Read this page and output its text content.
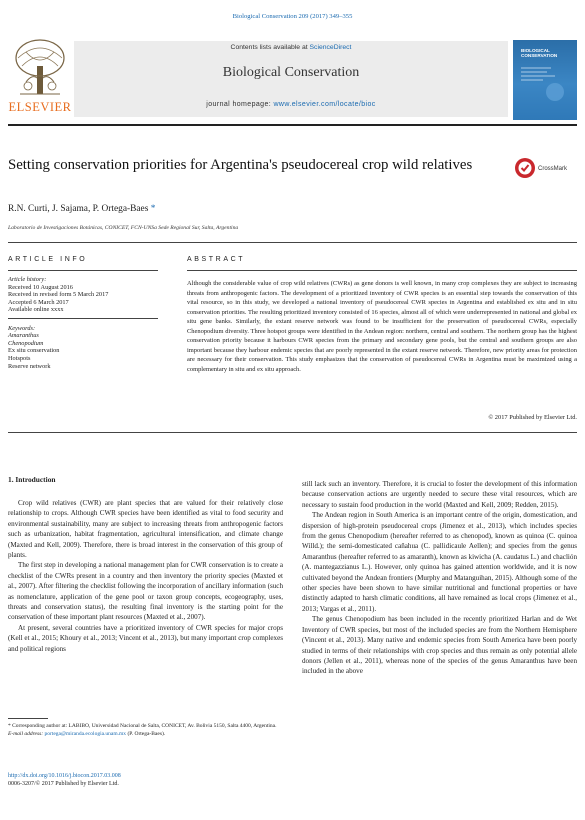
Biological Conservation 209 (2017) 349–355
ELSEVIER
Contents lists available at ScienceDirect
Biological Conservation
journal homepage: www.elsevier.com/locate/bioc
BIOLOGICAL CONSERVATION
Setting conservation priorities for Argentina's pseudocereal crop wild relatives	CrossMark
R.N. Curti, J. Sajama, P. Ortega-Baes *
Laboratorio de Investigaciones Botánicas, CONICET, FCN-UNSa Sede Regional Sur, Salta, Argentina
ARTICLE INFO	ABSTRACT
Article history:
Received 10 August 2016
Received in revised form 5 March 2017
Accepted 6 March 2017
Available online xxxx
Keywords:
Amaranthus
Chenopodium
Ex situ conservation
Hotspots
Reserve network
Although the considerable value of crop wild relatives (CWRs) as gene donors is well known, in many crop complexes they are subject to increasing threats from anthropogenic factors. The development of a prioritized inventory of CWR species is an essential step towards the conservation of this vital resource, so in this study, we developed a national inventory of pseudocereal CWR species in Argentina and established ex situ and in situ conservation priorities. The resulting prioritized inventory consisted of 16 species, almost all of which were underrepresented in national and global ex situ gene banks. Similarly, the extant reserve network was found to be insufficient for the preservation of pseudocereal CWRs, especially Chenopodium diversity. Three hotspot groups were identified in the Andean region: northern, central and southern. The northern group has the highest conservation priority because it harbours CWR species from the primary and secondary gene pools, but the central and southern groups are also important because they harbour endemic species that are poorly represented in the extant reserve network. Therefore, new priority areas for protection are necessary for their conservation. This study emphasizes that the conservation of pseudocereal CWRs in Argentina must be maximized using a complementary in situ and ex situ approach.
© 2017 Published by Elsevier Ltd.
1. Introduction

Crop wild relatives (CWR) are plant species that are valued for their relatively close relationship to crops. Although CWR species have been identified as vital to food security and environmental sustainability, many are subject to increasing threats from anthropogenic factors such as urbanization, habitat fragmentation, agricultural intensification, and climate change (Maxted and Kell, 2009). Therefore, there is broad interest in the conservation of this group of plants.

The first step in developing a national management plan for CWR conservation is to create a checklist of the CWRs present in a country and then inventory the priority species (Maxted et al., 2007). After filtering the checklist following the incorporation of ancillary information (such as nomenclature, application of the gene pool or taxon group concepts, ecogeography, uses, threats and conservation status), the resulting final inventory is the starting point for the conservation of these important plant resources (Maxted et al., 2007).

At present, several countries have a prioritized inventory of CWR species for major crops (Kell et al., 2015; Khoury et al., 2013; Vincent et al., 2013), but many important crop complexes and political regions

still lack such an inventory. Therefore, it is crucial to foster the development of this information because conservation actions are urgently needed to secure these vital resources, which are necessary to sustain food production in the world (Maxted and Kell, 2009; Redden, 2015).

The Andean region in South America is an important centre of the origin, domestication, and dispersion of high-protein pseudocereal crops (Jimenez et al., 2013), which includes species from the genus Chenopodium (hereafter referred to as chenopod), known as quinoa (C. quinoa Willd.); the semi-domesticated cañahua (C. pallidicaule Aellen); and species from the genus Amaranthus (hereafter referred to as amaranth), known as kiwicha (A. caudatus L.) and chaclión (A. mantegazzianus L.). However, only quinoa has gained attention worldwide, and it is now cultivated beyond the Andean frontiers (Murphy and Matanguihan, 2015). Although some of the other species have been shown to have similar nutritional and functional properties or have distinctly adapted to harsh climatic conditions, all have remained as local crops (Jimenez et al., 2013; Vargas et al., 2011).

The genus Chenopodium has been included in the recently prioritized Harlan and de Wet Inventory of CWR species, but most of the included species are from the Northern Hemisphere (Vincent et al., 2013). Many native and endemic species from South America have been poorly studied in terms of their relationships with crop species and thus remain as only potential allele donors (Jellen et al., 2011), whereas none of the species of the genus Amaranthus have been included in the above

* Corresponding author at: LABIBO, Universidad Nacional de Salta, CONICET, Av. Bolivia 5150, Salta 4400, Argentina.
E-mail address: portega@miranda.ecologia.unam.mx (P. Ortega-Baes).
http://dx.doi.org/10.1016/j.biocon.2017.03.008
0006-3207/© 2017 Published by Elsevier Ltd.
